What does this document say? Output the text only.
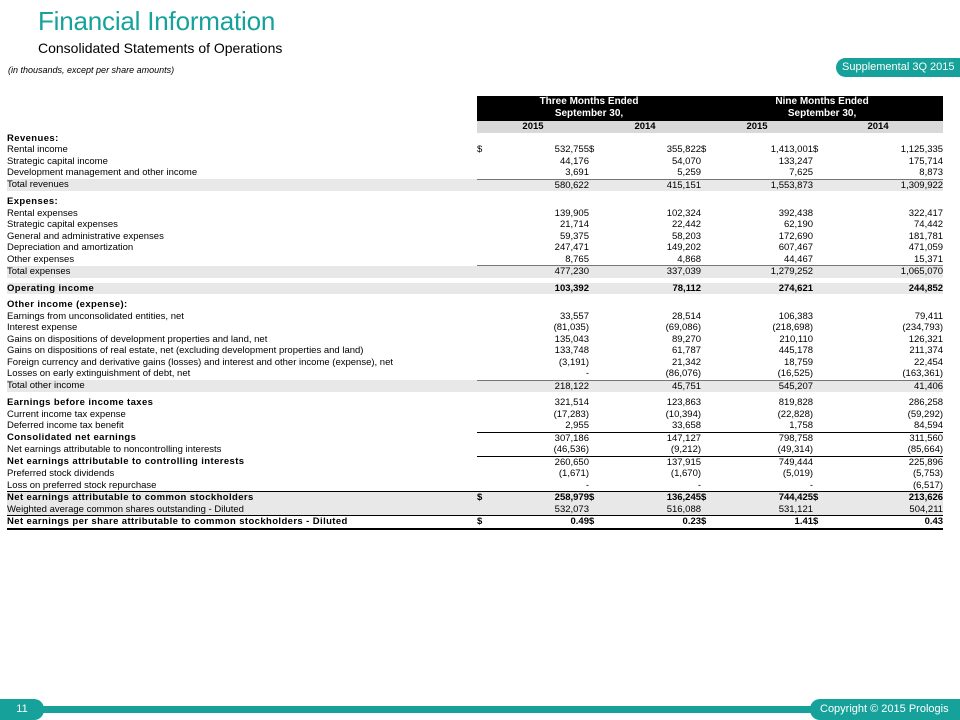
Financial Information
Consolidated Statements of Operations
(in thousands, except per share amounts)	Supplemental 3Q 2015
	Three Months Ended				Nine Months Ended			
	September 30,				September 30,			
	2015		2014		2015		2014	
Revenues:								
Rental income	$	532,755	$	355,822	$	1,413,001	$	1,125,335
Strategic capital income		44,176		54,070		133,247		175,714
Development management and other income		3,691		5,259		7,625		8,873
Total revenues		580,622		415,151		1,553,873		1,309,922

Expenses:								
Rental expenses		139,905		102,324		392,438		322,417
Strategic capital expenses		21,714		22,442		62,190		74,442
General and administrative expenses		59,375		58,203		172,690		181,781
Depreciation and amortization		247,471		149,202		607,467		471,059
Other expenses		8,765		4,868		44,467		15,371
Total expenses		477,230		337,039		1,279,252		1,065,070

Operating income		103,392		78,112		274,621		244,852

Other income (expense):								
Earnings from unconsolidated entities, net		33,557		28,514		106,383		79,411
Interest expense		(81,035)		(69,086)		(218,698)		(234,793)
Gains on dispositions of development properties and land, net		135,043		89,270		210,110		126,321
Gains on dispositions of real estate, net (excluding development properties and land)		133,748		61,787		445,178		211,374
Foreign currency and derivative gains (losses) and interest and other income (expense), net		(3,191)		21,342		18,759		22,454
Losses on early extinguishment of debt, net		-		(86,076)		(16,525)		(163,361)
Total other income		218,122		45,751		545,207		41,406

Earnings before income taxes		321,514		123,863		819,828		286,258
Current income tax expense		(17,283)		(10,394)		(22,828)		(59,292)
Deferred income tax benefit		2,955		33,658		1,758		84,594
Consolidated net earnings		307,186		147,127		798,758		311,560
Net earnings attributable to noncontrolling interests		(46,536)		(9,212)		(49,314)		(85,664)
Net earnings attributable to controlling interests		260,650		137,915		749,444		225,896
Preferred stock dividends		(1,671)		(1,670)		(5,019)		(5,753)
Loss on preferred stock repurchase		-		-		-		(6,517)
Net earnings attributable to common stockholders	$	258,979	$	136,245	$	744,425	$	213,626
Weighted average common shares outstanding - Diluted		532,073		516,088		531,121		504,211
Net earnings per share attributable to common stockholders - Diluted	$	0.49	$	0.23	$	1.41	$	0.43
11	Copyright © 2015 Prologis
